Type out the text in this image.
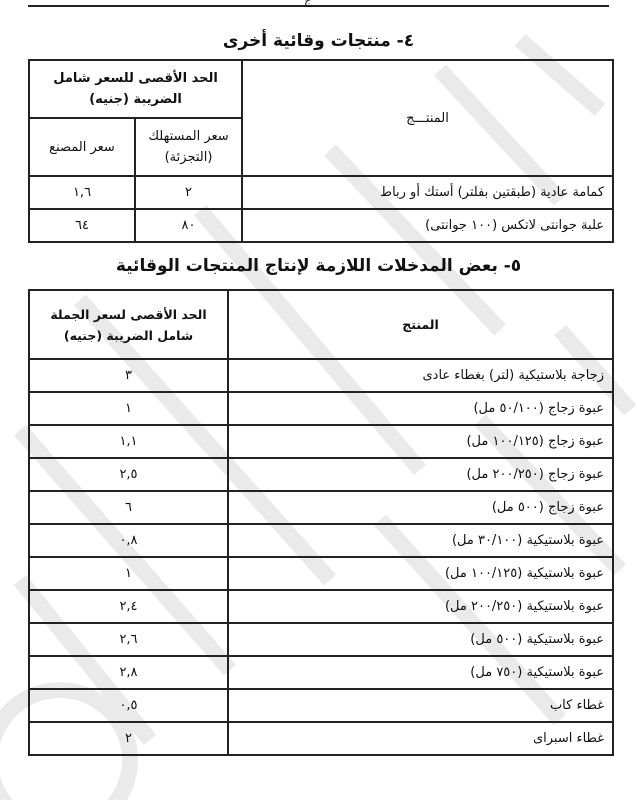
ج
٤- منتجات وقائية أخرى
المنتـــج	الحد الأقصى للسعر شامل الضريبة (جنيه)	
	سعر المستهلك (التجزئة)	سعر المصنع
كمامة عادية (طبقتين بفلتر) أستك أو رباط	٢	١,٦
علبة جوانتى لاتكس (١٠٠ جوانتى)	٨٠	٦٤
٥- بعض المدخلات اللازمة لإنتاج المنتجات الوقائية
المنتج	الحد الأقصى لسعر الجملة شامل الضريبة (جنيه)
زجاجة بلاستيكية (لتر) بغطاء عادى	٣
عبوة زجاج (٥٠/١٠٠ مل)	١
عبوة زجاج (١٠٠/١٢٥ مل)	١,١
عبوة زجاج (٢٠٠/٢٥٠ مل)	٢,٥
عبوة زجاج (٥٠٠ مل)	٦
عبوة بلاستيكية (٣٠/١٠٠ مل)	٠,٨
عبوة بلاستيكية (١٠٠/١٢٥ مل)	١
عبوة بلاستيكية (٢٠٠/٢٥٠ مل)	٢,٤
عبوة بلاستيكية (٥٠٠ مل)	٢,٦
عبوة بلاستيكية (٧٥٠ مل)	٢,٨
غطاء كاب	٠,٥
غطاء اسبراى	٢
